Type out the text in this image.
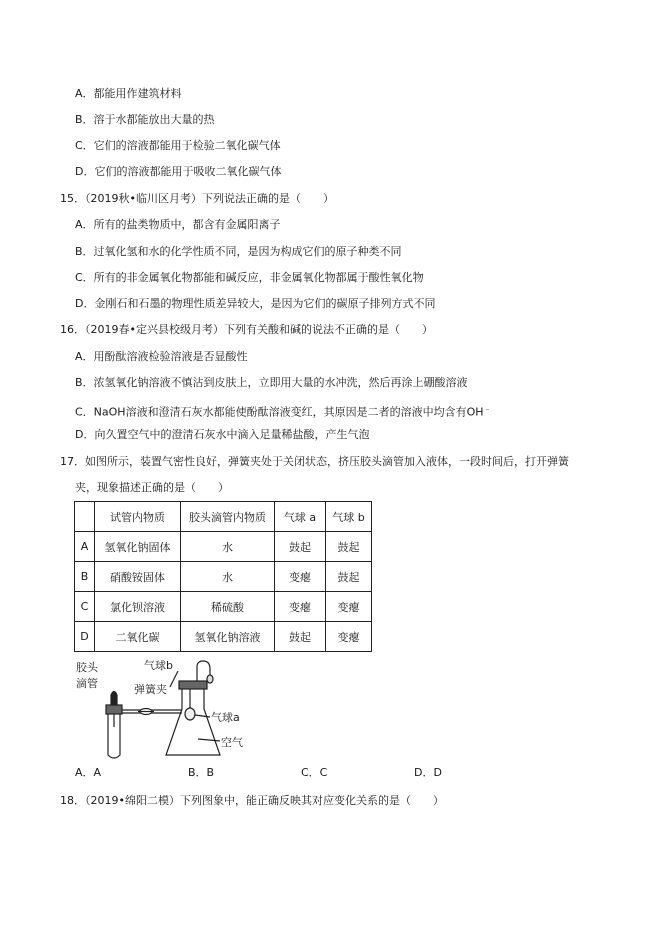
A．都能用作建筑材料
B．溶于水都能放出大量的热
C．它们的溶液都能用于检验二氧化碳气体
D．它们的溶液都能用于吸收二氧化碳气体
15．（2019秋•临川区月考）下列说法正确的是（　　）
A．所有的盐类物质中，都含有金属阳离子
B．过氧化氢和水的化学性质不同，是因为构成它们的原子种类不同
C．所有的非金属氧化物都能和碱反应，非金属氧化物都属于酸性氧化物
D．金刚石和石墨的物理性质差异较大，是因为它们的碳原子排列方式不同
16．（2019春•定兴县校级月考）下列有关酸和碱的说法不正确的是（　　）
A．用酚酞溶液检验溶液是否显酸性
B．浓氢氧化钠溶液不慎沾到皮肤上，立即用大量的水冲洗，然后再涂上硼酸溶液
C．NaOH溶液和澄清石灰水都能使酚酞溶液变红，其原因是二者的溶液中均含有OH﹣
D．向久置空气中的澄清石灰水中滴入足量稀盐酸，产生气泡
17．如图所示，装置气密性良好，弹簧夹处于关闭状态，挤压胶头滴管加入液体，一段时间后，打开弹簧
夹，现象描述正确的是（　　）
	试管内物质	胶头滴管内物质	气球 a	气球 b
A	氢氧化钠固体	水	鼓起	鼓起
B	硝酸铵固体	水	变瘪	鼓起
C	氯化钡溶液	稀硫酸	变瘪	变瘪
D	二氧化碳	氢氧化钠溶液	鼓起	变瘪
胶头
滴管	弹簧夹
气球b
气球a
空气
A．A	B．B	C．C	D．D
18．（2019•绵阳二模）下列图象中，能正确反映其对应变化关系的是（　　）
